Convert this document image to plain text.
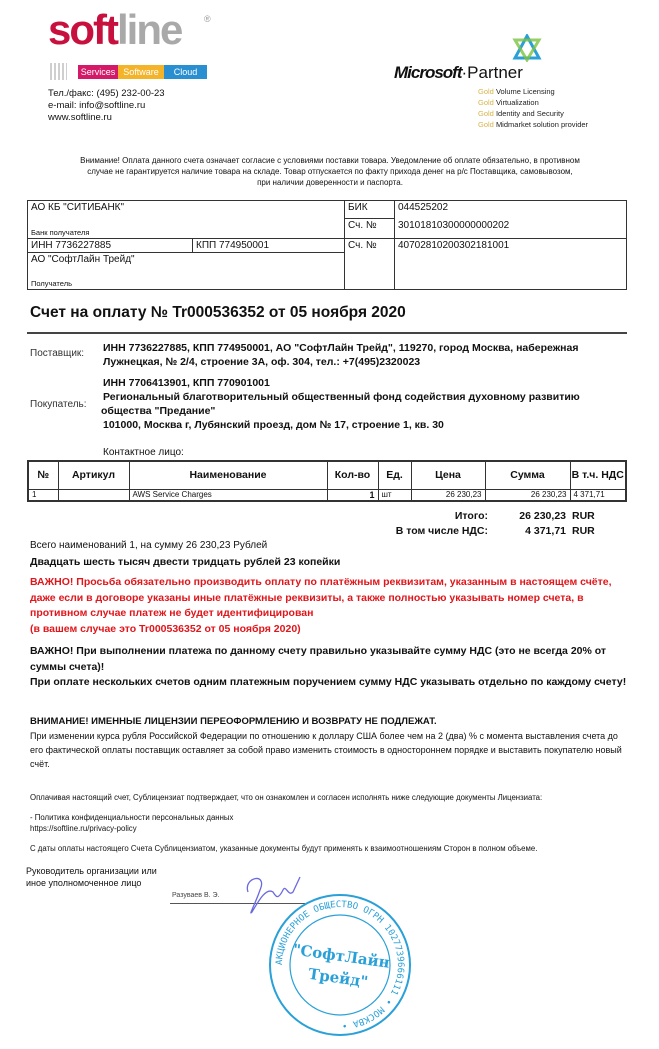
softline	®
Services Software	Cloud
Тел./факс: (495) 232-00-23
e-mail: info@softline.ru
www.softline.ru
Microsoft·Partner
Gold Volume Licensing
Gold Virtualization
Gold Identity and Security
Gold Midmarket solution provider
Внимание! Оплата данного счета означает согласие с условиями поставки товара. Уведомление об оплате обязательно, в противном случае не гарантируется наличие товара на складе. Товар отпускается по факту прихода денег на р/с Поставщика, самовывозом, при наличии доверенности и паспорта.
АО КБ "СИТИБАНК"
Банк получателя		БИК	044525202
		Сч. №	30101810300000000202
ИНН 7736227885	КПП 774950001	Сч. №	40702810200302181001

АО "СофтЛайн Трейд"
Получатель			
Счет на оплату № Tr000536352 от 05 ноября 2020
Поставщик: ИНН 7736227885, КПП 774950001, АО "СофтЛайн Трейд", 119270, город Москва, набережная
Лужнецкая, № 2/4, строение 3А, оф. 304, тел.: +7(495)2320023
Покупатель:
ИНН 7706413901, КПП 770901001
Региональный благотворительный общественный фонд содействия духовному развитию
общества "Предание"
101000, Москва г, Лубянский проезд, дом № 17, строение 1, кв. 30
Контактное лицо:
№	Артикул	Наименование	Кол-во	Ед.	Цена	Сумма	В т.ч. НДС
1		AWS Service Charges	1	шт	26 230,23	26 230,23	4 371,71
Итого:	26 230,23 RUR
В том числе НДС:	4 371,71 RUR
Всего наименований 1, на сумму 26 230,23 Рублей
Двадцать шесть тысяч двести тридцать рублей 23 копейки
ВАЖНО! Просьба обязательно производить оплату по платёжным реквизитам, указанным в настоящем счёте, даже если в договоре указаны иные платёжные реквизиты, а также полностью указывать номер счета, в противном случае платеж не будет идентифицирован
(в вашем случае это Tr000536352 от 05 ноября 2020)
ВАЖНО! При выполнении платежа по данному счету правильно указывайте сумму НДС (это не всегда 20% от суммы счета)!
При оплате нескольких счетов одним платежным поручением сумму НДС указывать отдельно по каждому счету!
ВНИМАНИЕ! ИМЕННЫЕ ЛИЦЕНЗИИ ПЕРЕОФОРМЛЕНИЮ И ВОЗВРАТУ НЕ ПОДЛЕЖАТ.
При изменении курса рубля Российской Федерации по отношению к доллару США более чем на 2 (два) % с момента выставления счета до его фактической оплаты поставщик оставляет за собой право изменить стоимость в одностороннем порядке и выставить покупателю новый счёт.
Оплачивая настоящий счет, Сублицензиат подтверждает, что он ознакомлен и согласен исполнять ниже следующие документы Лицензиата:
- Политика конфиденциальности персональных данных
https://softline.ru/privacy-policy
С даты оплаты настоящего Счета Сублицензиатом, указанные документы будут применять к взаимоотношениям Сторон в полном объеме.
Руководитель организации или иное уполномоченное лицо
Разуваев В. Э.
АКЦИОНЕРНОЕ ОБЩЕСТВО ОГРН 1027739666111 • МОСКВА •
"СофтЛайн
Трейд"
